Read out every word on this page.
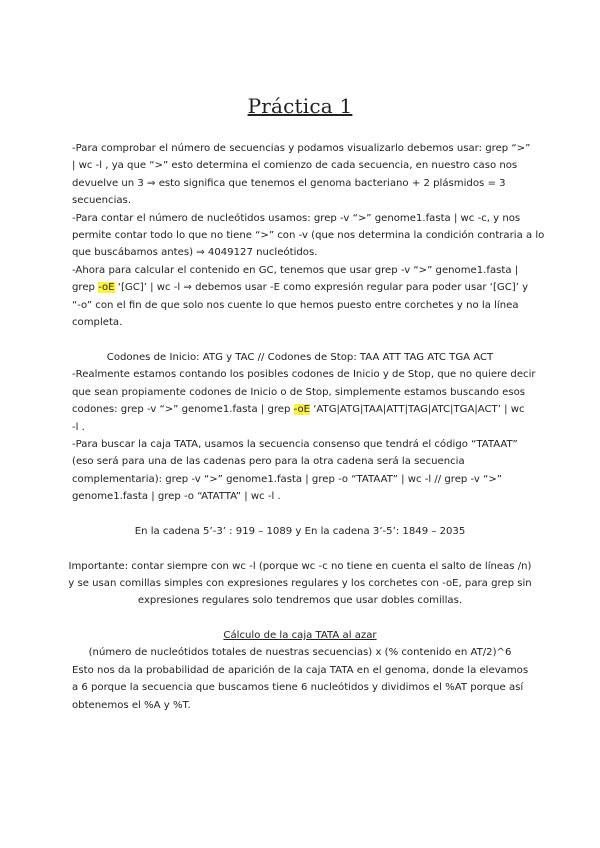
Práctica 1
-Para comprobar el número de secuencias y podamos visualizarlo debemos usar: grep “>”
| wc -l , ya que “>” esto determina el comienzo de cada secuencia, en nuestro caso nos
devuelve un 3 ⇒ esto significa que tenemos el genoma bacteriano + 2 plásmidos = 3
secuencias.
-Para contar el número de nucleótidos usamos: grep -v “>” genome1.fasta | wc -c, y nos
permite contar todo lo que no tiene “>” con -v (que nos determina la condición contraria a lo
que buscábamos antes) ⇒ 4049127 nucleótidos.
-Ahora para calcular el contenido en GC, tenemos que usar grep -v “>” genome1.fasta |
grep -oE ‘[GC]’ | wc -l ⇒ debemos usar -E como expresión regular para poder usar ‘[GC]’ y
“-o” con el fin de que solo nos cuente lo que hemos puesto entre corchetes y no la línea
completa.
Codones de Inicio: ATG y TAC // Codones de Stop: TAA ATT TAG ATC TGA ACT
-Realmente estamos contando los posibles codones de Inicio y de Stop, que no quiere decir
que sean propiamente codones de Inicio o de Stop, simplemente estamos buscando esos
codones: grep -v “>” genome1.fasta | grep -oE ‘ATG|ATG|TAA|ATT|TAG|ATC|TGA|ACT’ | wc
-l .
-Para buscar la caja TATA, usamos la secuencia consenso que tendrá el código “TATAAT”
(eso será para una de las cadenas pero para la otra cadena será la secuencia
complementaria): grep -v “>” genome1.fasta | grep -o “TATAAT” | wc -l // grep -v “>”
genome1.fasta | grep -o “ATATTA” | wc -l .
En la cadena 5’-3’ : 919 – 1089 y En la cadena 3’-5’: 1849 – 2035
Importante: contar siempre con wc -l (porque wc -c no tiene en cuenta el salto de líneas /n)
y se usan comillas simples con expresiones regulares y los corchetes con -oE, para grep sin
expresiones regulares solo tendremos que usar dobles comillas.
Cálculo de la caja TATA al azar
(número de nucleótidos totales de nuestras secuencias) x (% contenido en AT/2)^6
Esto nos da la probabilidad de aparición de la caja TATA en el genoma, donde la elevamos
a 6 porque la secuencia que buscamos tiene 6 nucleótidos y dividimos el %AT porque así
obtenemos el %A y %T.
